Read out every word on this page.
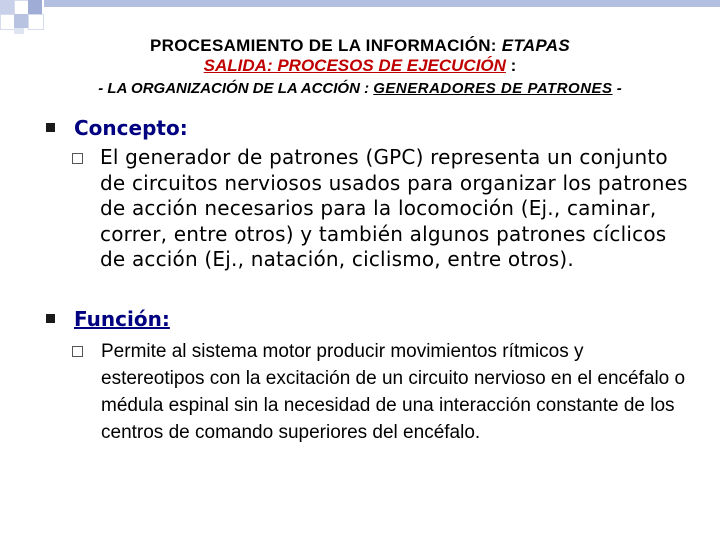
PROCESAMIENTO DE LA INFORMACIÓN: ETAPAS
SALIDA: PROCESOS DE EJECUCIÓN :
- LA ORGANIZACIÓN DE LA ACCIÓN : GENERADORES DE PATRONES -
Concepto:
El generador de patrones (GPC) representa un conjunto de circuitos nerviosos usados para organizar los patrones de acción necesarios para la locomoción (Ej., caminar, correr, entre otros) y también algunos patrones cíclicos de acción (Ej., natación, ciclismo, entre otros).
Función:
Permite al sistema motor producir movimientos rítmicos y estereotipos con la excitación de un circuito nervioso en el encéfalo o médula espinal sin la necesidad de una interacción constante de los centros de comando superiores del encéfalo.
